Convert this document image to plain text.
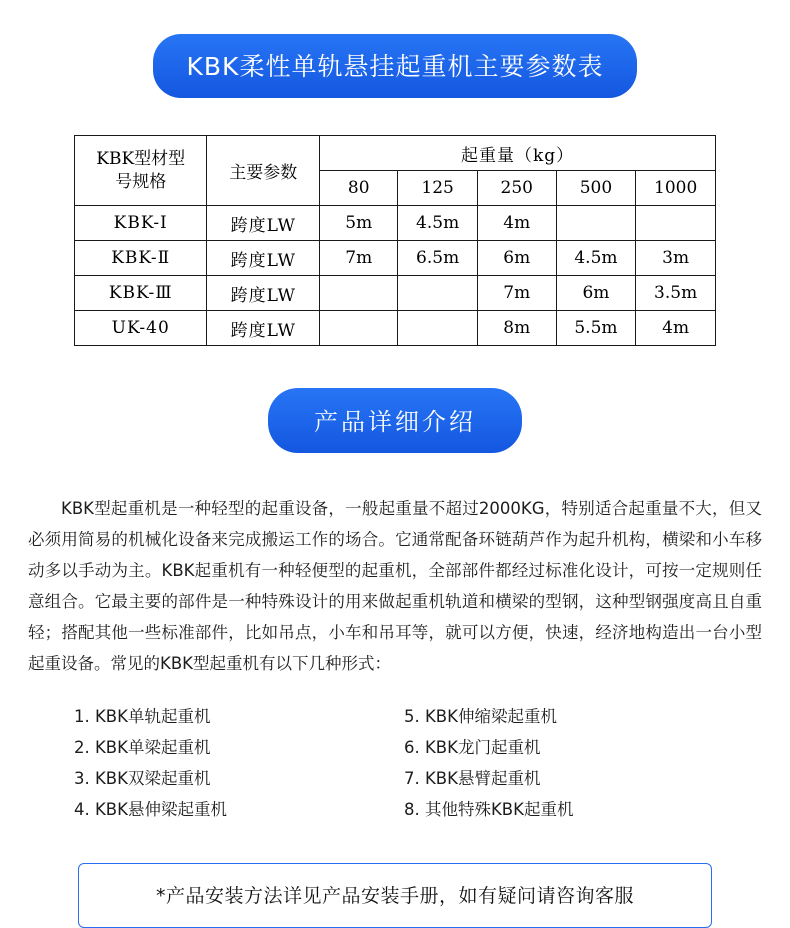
KBK柔性单轨悬挂起重机主要参数表
KBK型材型
号规格	主要参数	起重量（kg）				
		80	125	250	500	1000
KBK-Ⅰ	跨度LW	5m	4.5m	4m		
KBK-Ⅱ	跨度LW	7m	6.5m	6m	4.5m	3m
KBK-Ⅲ	跨度LW			7m	6m	3.5m
UK-40	跨度LW			8m	5.5m	4m
产品详细介绍
KBK型起重机是一种轻型的起重设备，一般起重量不超过2000KG，特别适合起重量不大，但又必须用简易的机械化设备来完成搬运工作的场合。它通常配备环链葫芦作为起升机构，横梁和小车移动多以手动为主。KBK起重机有一种轻便型的起重机，全部部件都经过标准化设计，可按一定规则任意组合。它最主要的部件是一种特殊设计的用来做起重机轨道和横梁的型钢，这种型钢强度高且自重轻；搭配其他一些标准部件，比如吊点，小车和吊耳等，就可以方便，快速，经济地构造出一台小型起重设备。常见的KBK型起重机有以下几种形式：
1. KBK单轨起重机
2. KBK单梁起重机
3. KBK双梁起重机
4. KBK悬伸梁起重机
5. KBK伸缩梁起重机
6. KBK龙门起重机
7. KBK悬臂起重机
8. 其他特殊KBK起重机
*产品安装方法详见产品安装手册，如有疑问请咨询客服
